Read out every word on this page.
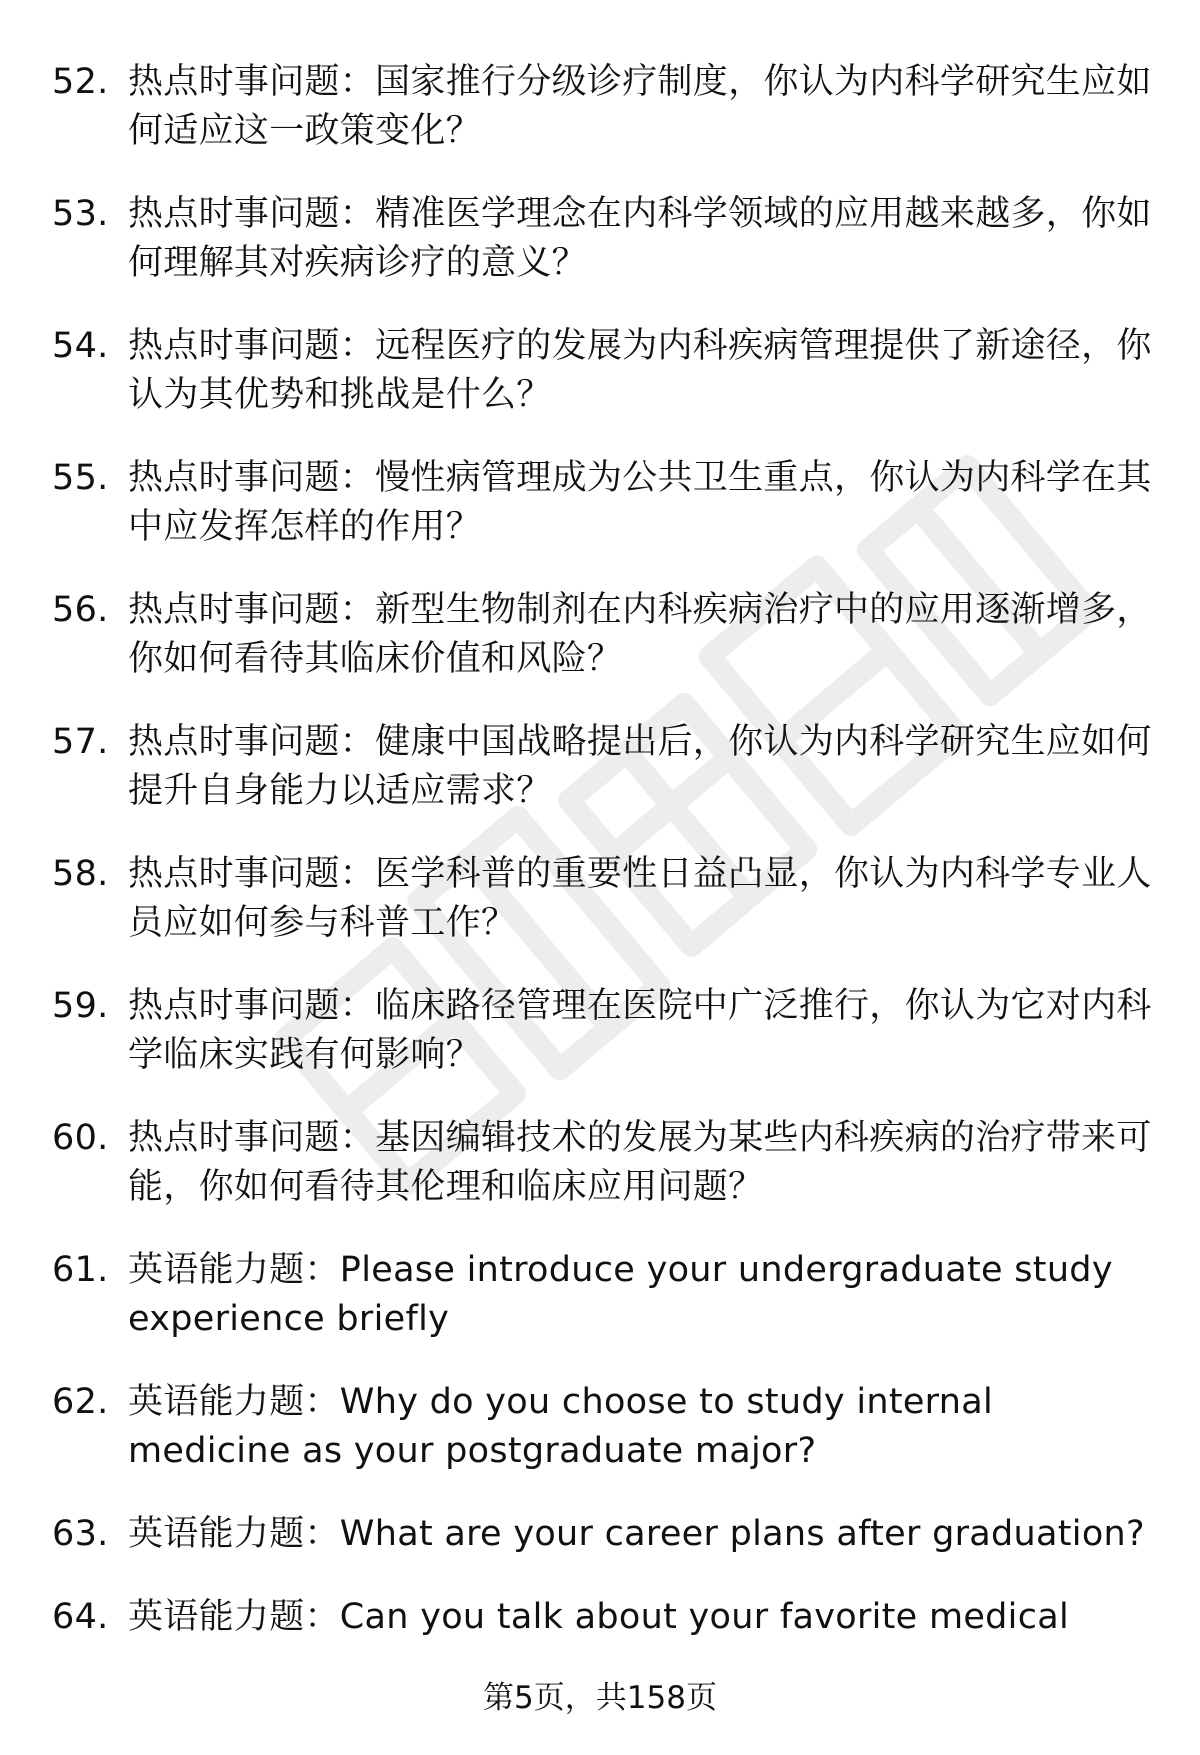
52. 热点时事问题：国家推行分级诊疗制度，你认为内科学研究生应如何适应这一政策变化？
53. 热点时事问题：精准医学理念在内科学领域的应用越来越多，你如何理解其对疾病诊疗的意义？
54. 热点时事问题：远程医疗的发展为内科疾病管理提供了新途径，你认为其优势和挑战是什么？
55. 热点时事问题：慢性病管理成为公共卫生重点，你认为内科学在其中应发挥怎样的作用？
56. 热点时事问题：新型生物制剂在内科疾病治疗中的应用逐渐增多，你如何看待其临床价值和风险？
57. 热点时事问题：健康中国战略提出后，你认为内科学研究生应如何提升自身能力以适应需求？
58. 热点时事问题：医学科普的重要性日益凸显，你认为内科学专业人员应如何参与科普工作？
59. 热点时事问题：临床路径管理在医院中广泛推行，你认为它对内科学临床实践有何影响？
60. 热点时事问题：基因编辑技术的发展为某些内科疾病的治疗带来可能，你如何看待其伦理和临床应用问题？
61. 英语能力题：Please introduce your undergraduate study experience briefly
62. 英语能力题：Why do you choose to study internal medicine as your postgraduate major?
63. 英语能力题：What are your career plans after graduation?
64. 英语能力题：Can you talk about your favorite medical
第5页，共158页
